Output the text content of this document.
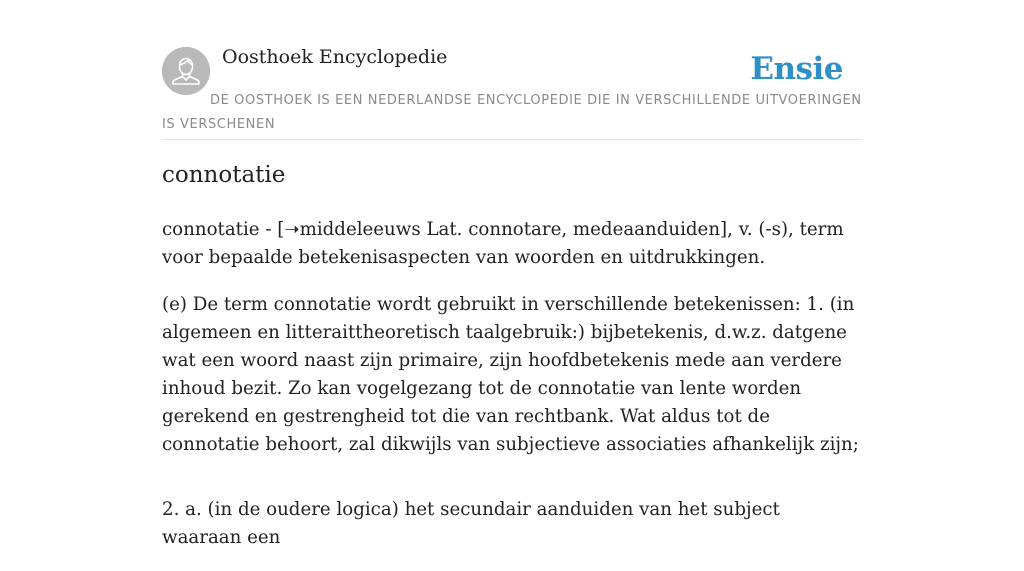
Oosthoek Encyclopedie	Ensie

DE OOSTHOEK IS EEN NEDERLANDSE ENCYCLOPEDIE DIE IN VERSCHILLENDE UITVOERINGEN IS VERSCHENEN

connotatie

connotatie - [➝middeleeuws Lat. connotare, medeaanduiden], v. (-s), term voor bepaalde betekenisaspecten van woorden en uitdrukkingen.

(e) De term connotatie wordt gebruikt in verschillende betekenissen: 1. (in algemeen en litteraittheoretisch taalgebruik:) bijbetekenis, d.w.z. datgene wat een woord naast zijn primaire, zijn hoofdbetekenis mede aan verdere inhoud bezit. Zo kan vogelgezang tot de connotatie van lente worden gerekend en gestrengheid tot die van rechtbank. Wat aldus tot de connotatie behoort, zal dikwijls van subjectieve associaties afhankelijk zijn;

2. a. (in de oudere logica) het secundair aanduiden van het subject waaraan een
